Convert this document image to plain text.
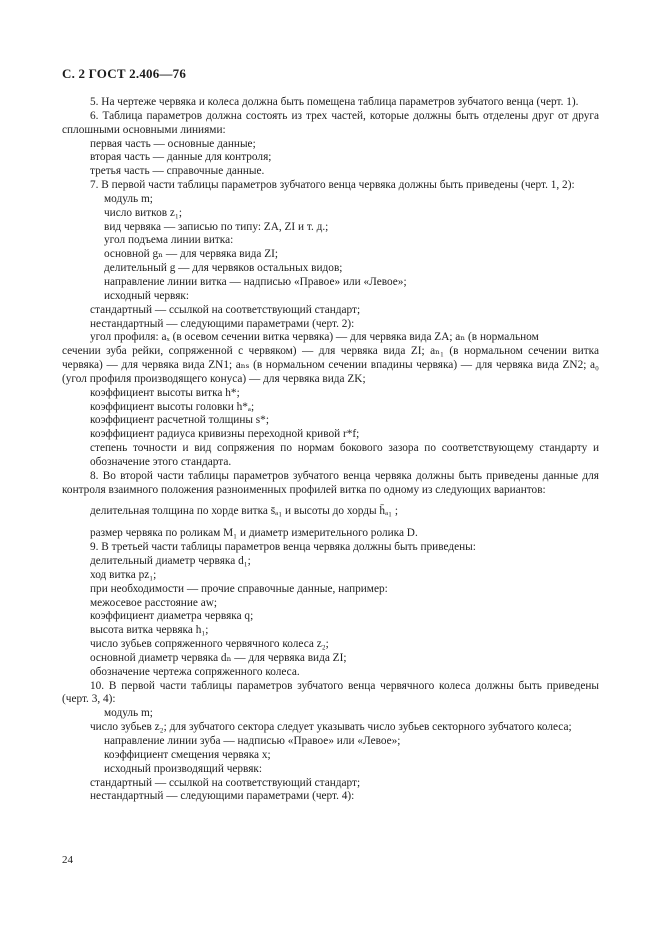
С. 2 ГОСТ 2.406—76

5. На чертеже червяка и колеса должна быть помещена таблица параметров зубчатого венца (черт. 1).

6. Таблица параметров должна состоять из трех частей, которые должны быть отделены друг от друга сплошными основными линиями:

первая часть — основные данные;

вторая часть — данные для контроля;

третья часть — справочные данные.

7. В первой части таблицы параметров зубчатого венца червяка должны быть приведены (черт. 1, 2):

модуль m;

число витков z₁;

вид червяка — записью по типу: ZA, ZI и т. д.;

угол подъема линии витка:

основной gₙ — для червяка вида ZI;

делительный g — для червяков остальных видов;

направление линии витка — надписью «Правое» или «Левое»;

исходный червяк:

стандартный — ссылкой на соответствующий стандарт;

нестандартный — следующими параметрами (черт. 2):

угол профиля: aₓ (в осевом сечении витка червяка) — для червяка вида ZA; aₙ (в нормальном

сечении зуба рейки, сопряженной с червяком) — для червяка вида ZI; aₙ₁ (в нормальном сечении витка червяка) — для червяка вида ZN1; aₙₛ (в нормальном сечении впадины червяка) — для червяка вида ZN2; a₀ (угол профиля производящего конуса) — для червяка вида ZK;

коэффициент высоты витка h*;

коэффициент высоты головки h*ₐ;

коэффициент расчетной толщины s*;

коэффициент радиуса кривизны переходной кривой r*f;

степень точности и вид сопряжения по нормам бокового зазора по соответствующему стандарту и обозначение этого стандарта.

8. Во второй части таблицы параметров зубчатого венца червяка должны быть приведены данные для контроля взаимного положения разноименных профилей витка по одному из следующих вариантов:

делительная толщина по хорде витка s̄ₐ₁ и высоты до хорды h̄ₐ₁ ;

размер червяка по роликам M₁ и диаметр измерительного ролика D.

9. В третьей части таблицы параметров венца червяка должны быть приведены:

делительный диаметр червяка d₁;

ход витка pz₁;

при необходимости — прочие справочные данные, например:

межосевое расстояние aw;

коэффициент диаметра червяка q;

высота витка червяка h₁;

число зубьев сопряженного червячного колеса z₂;

основной диаметр червяка dₙ — для червяка вида ZI;

обозначение чертежа сопряженного колеса.

10. В первой части таблицы параметров зубчатого венца червячного колеса должны быть приведены (черт. 3, 4):

модуль m;

число зубьев z₂; для зубчатого сектора следует указывать число зубьев секторного зубчатого колеса;

направление линии зуба — надписью «Правое» или «Левое»;

коэффициент смещения червяка x;

исходный производящий червяк:

стандартный — ссылкой на соответствующий стандарт;

нестандартный — следующими параметрами (черт. 4):

24
